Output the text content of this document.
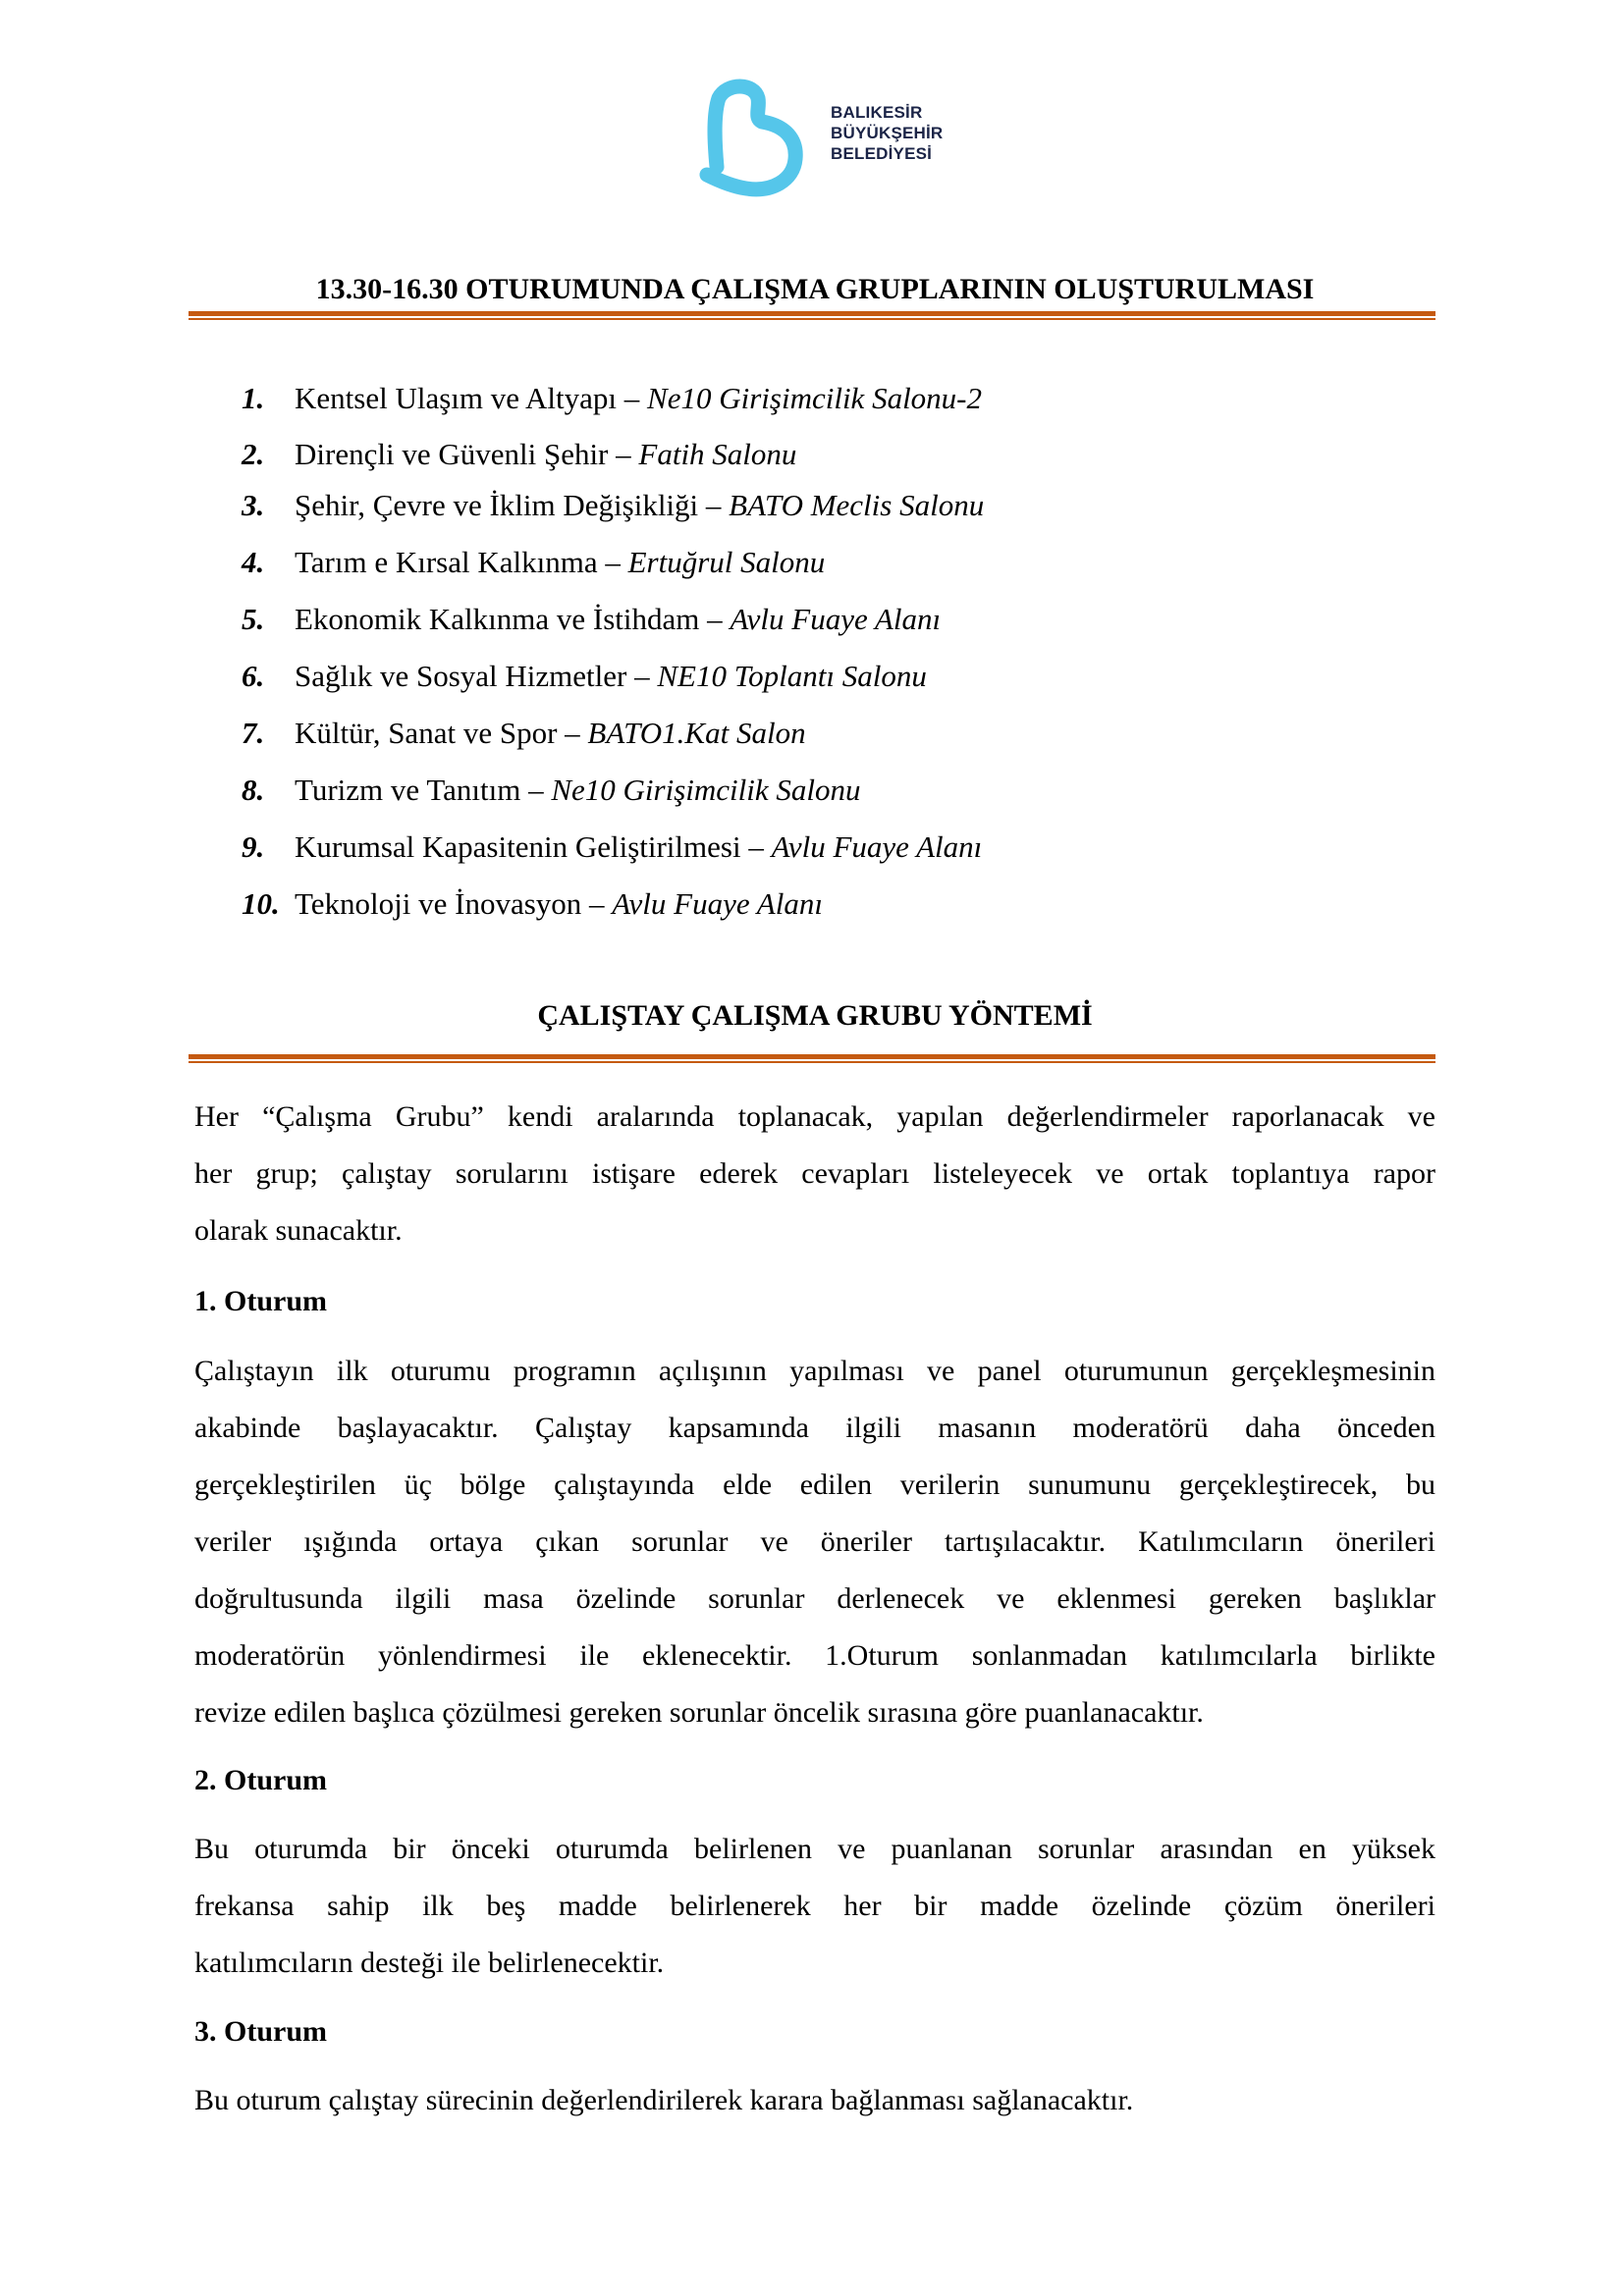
BALIKESİR
BÜYÜKŞEHİR
BELEDİYESİ
13.30-16.30 OTURUMUNDA ÇALIŞMA GRUPLARININ OLUŞTURULMASI
1. Kentsel Ulaşım ve Altyapı – Ne10 Girişimcilik Salonu-2
2. Dirençli ve Güvenli Şehir – Fatih Salonu
3. Şehir, Çevre ve İklim Değişikliği – BATO Meclis Salonu
4. Tarım e Kırsal Kalkınma – Ertuğrul Salonu
5. Ekonomik Kalkınma ve İstihdam – Avlu Fuaye Alanı
6. Sağlık ve Sosyal Hizmetler – NE10 Toplantı Salonu
7. Kültür, Sanat ve Spor – BATO1.Kat Salon
8. Turizm ve Tanıtım – Ne10 Girişimcilik Salonu
9. Kurumsal Kapasitenin Geliştirilmesi – Avlu Fuaye Alanı
10. Teknoloji ve İnovasyon – Avlu Fuaye Alanı
ÇALIŞTAY ÇALIŞMA GRUBU YÖNTEMİ
Her “Çalışma Grubu” kendi aralarında toplanacak, yapılan değerlendirmeler raporlanacak ve
her grup; çalıştay sorularını istişare ederek cevapları listeleyecek ve ortak toplantıya rapor
olarak sunacaktır.
1. Oturum
Çalıştayın ilk oturumu programın açılışının yapılması ve panel oturumunun gerçekleşmesinin
akabinde başlayacaktır. Çalıştay kapsamında ilgili masanın moderatörü daha önceden
gerçekleştirilen üç bölge çalıştayında elde edilen verilerin sunumunu gerçekleştirecek, bu
veriler ışığında ortaya çıkan sorunlar ve öneriler tartışılacaktır. Katılımcıların önerileri
doğrultusunda ilgili masa özelinde sorunlar derlenecek ve eklenmesi gereken başlıklar
moderatörün yönlendirmesi ile eklenecektir. 1.Oturum sonlanmadan katılımcılarla birlikte
revize edilen başlıca çözülmesi gereken sorunlar öncelik sırasına göre puanlanacaktır.
2. Oturum
Bu oturumda bir önceki oturumda belirlenen ve puanlanan sorunlar arasından en yüksek
frekansa sahip ilk beş madde belirlenerek her bir madde özelinde çözüm önerileri
katılımcıların desteği ile belirlenecektir.
3. Oturum
Bu oturum çalıştay sürecinin değerlendirilerek karara bağlanması sağlanacaktır.
